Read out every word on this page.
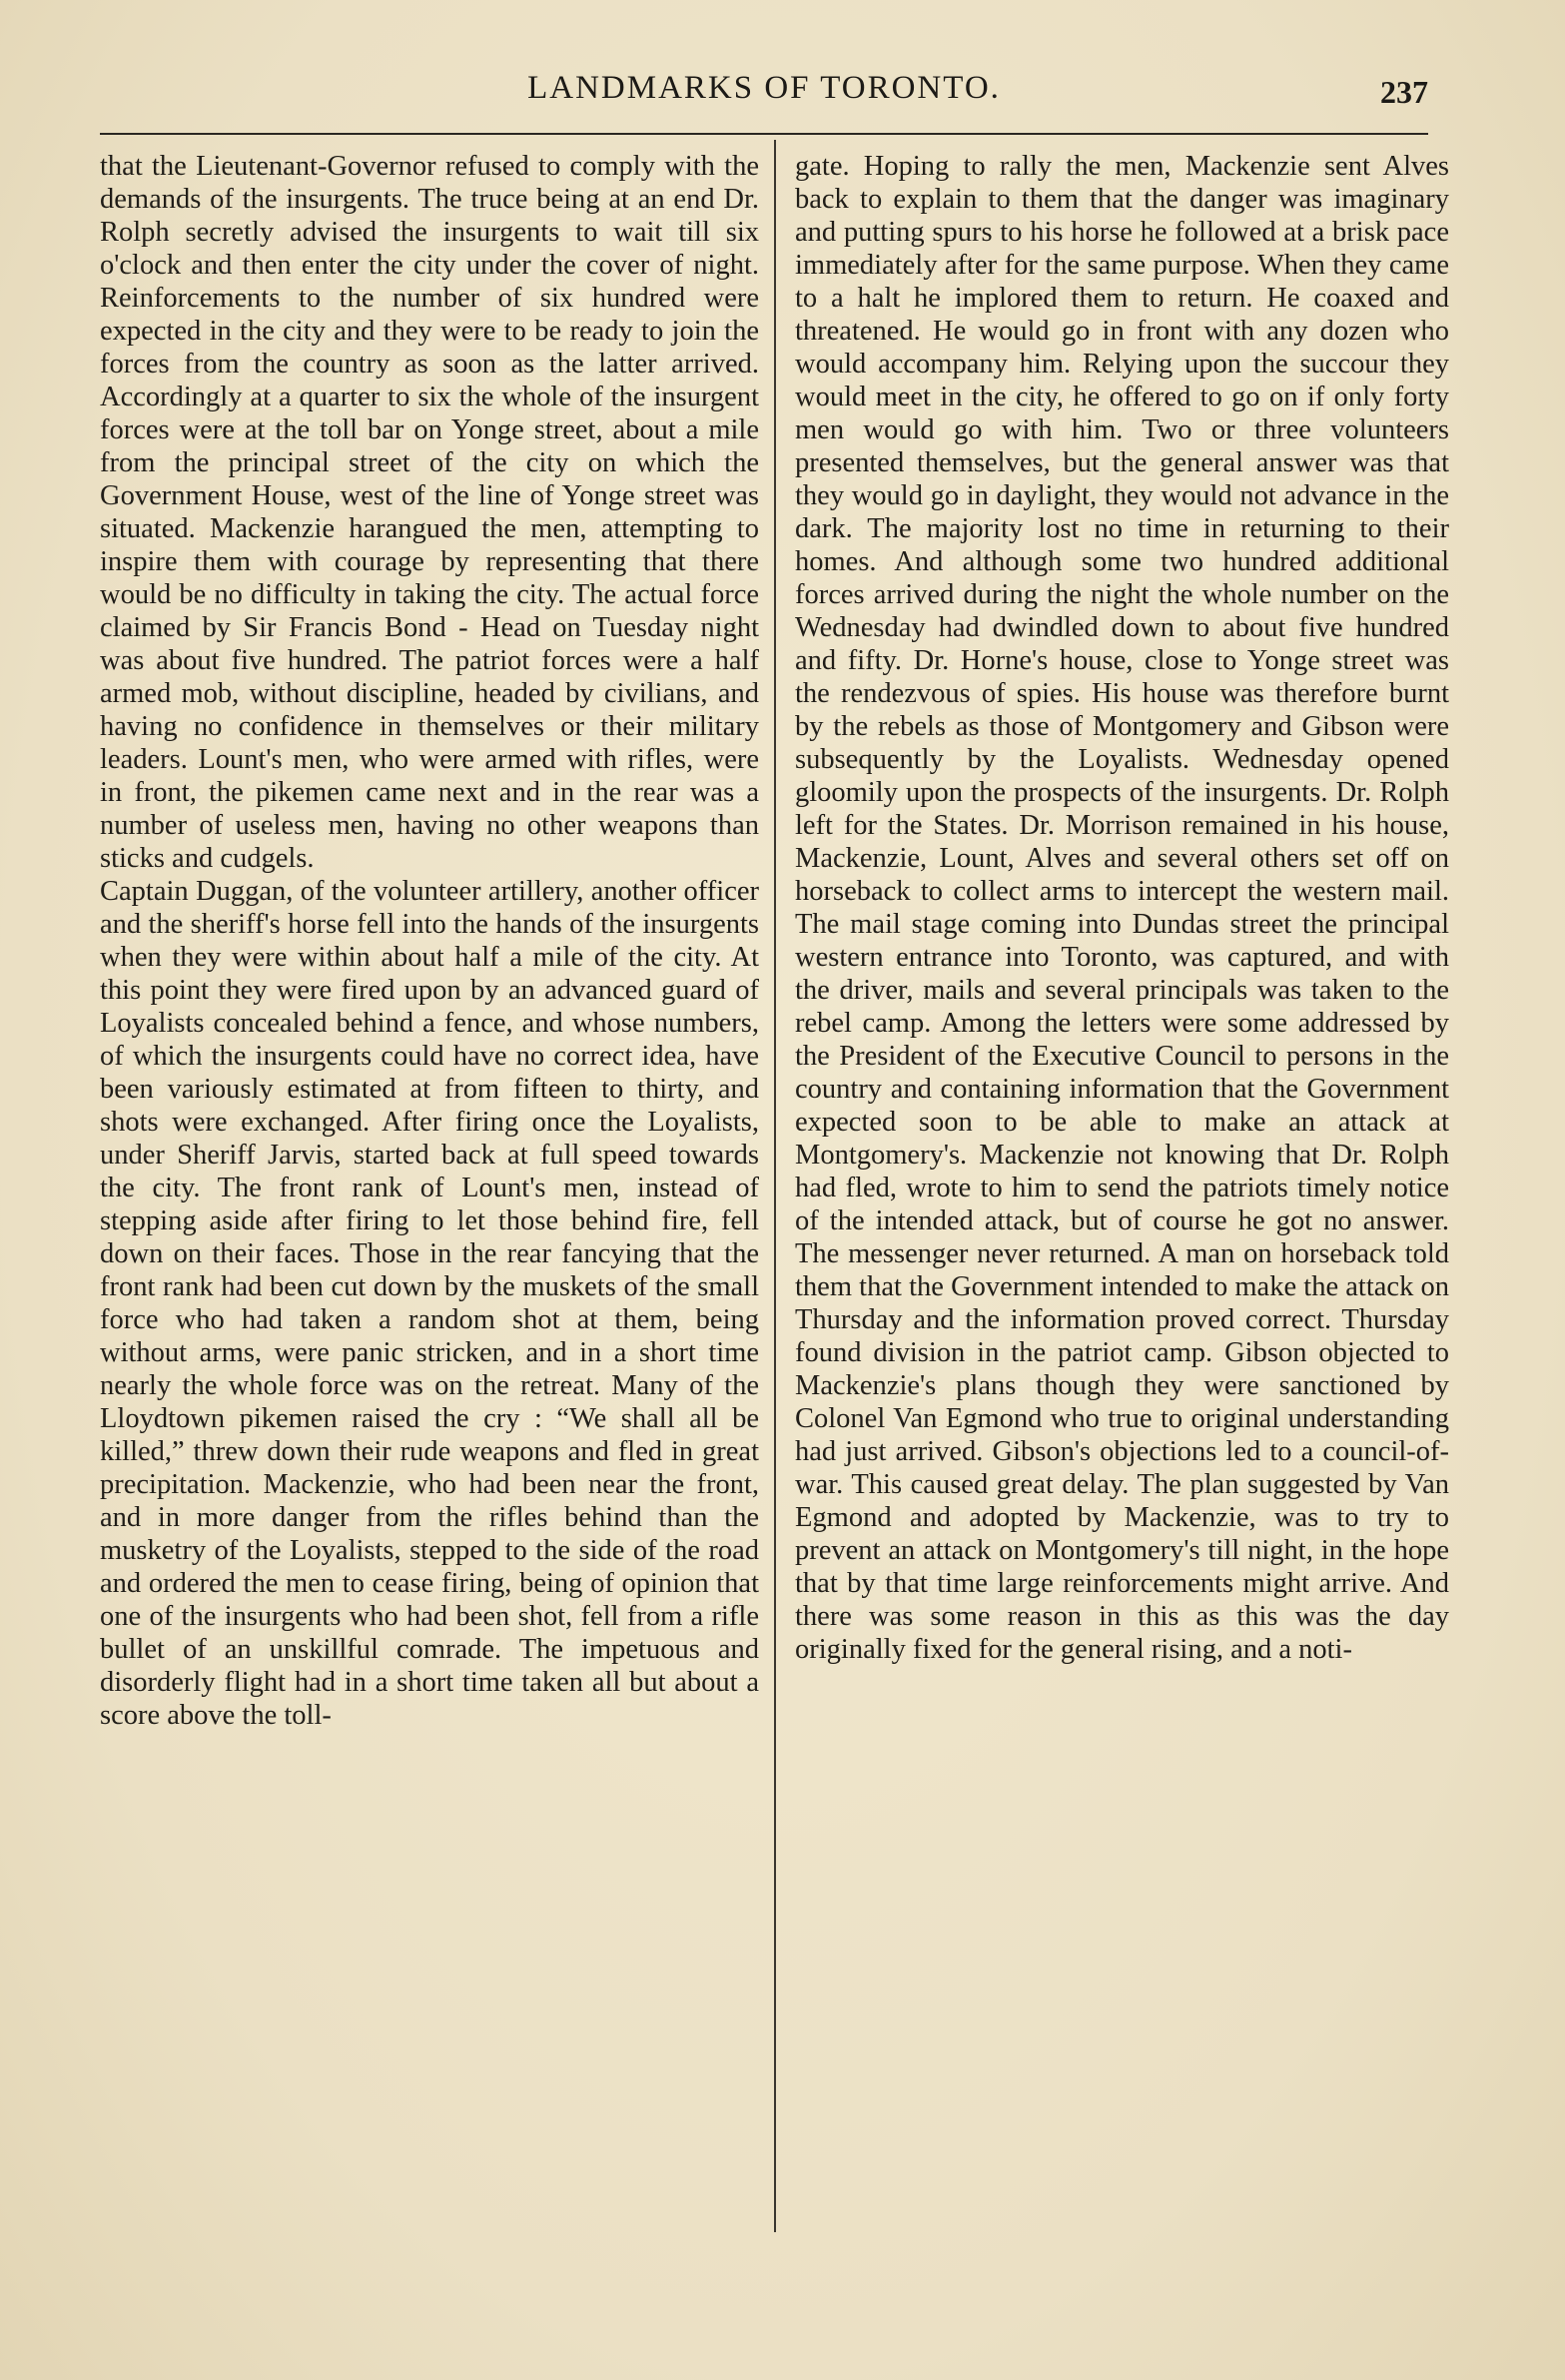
LANDMARKS OF TORONTO.	237

that the Lieutenant-Governor refused to comply with the demands of the insurgents. The truce being at an end Dr. Rolph secretly advised the insurgents to wait till six o'clock and then enter the city under the cover of night. Reinforcements to the number of six hundred were expected in the city and they were to be ready to join the forces from the country as soon as the latter arrived. Accordingly at a quarter to six the whole of the insurgent forces were at the toll bar on Yonge street, about a mile from the principal street of the city on which the Government House, west of the line of Yonge street was situated. Mackenzie harangued the men, attempting to inspire them with courage by representing that there would be no difficulty in taking the city. The actual force claimed by Sir Francis Bond - Head on Tuesday night was about five hundred. The patriot forces were a half armed mob, without discipline, headed by civilians, and having no confidence in themselves or their military leaders. Lount's men, who were armed with rifles, were in front, the pikemen came next and in the rear was a number of useless men, having no other weapons than sticks and cudgels.

Captain Duggan, of the volunteer artillery, another officer and the sheriff's horse fell into the hands of the insurgents when they were within about half a mile of the city. At this point they were fired upon by an advanced guard of Loyalists concealed behind a fence, and whose numbers, of which the insurgents could have no correct idea, have been variously estimated at from fifteen to thirty, and shots were exchanged. After firing once the Loyalists, under Sheriff Jarvis, started back at full speed towards the city. The front rank of Lount's men, instead of stepping aside after firing to let those behind fire, fell down on their faces. Those in the rear fancying that the front rank had been cut down by the muskets of the small force who had taken a random shot at them, being without arms, were panic stricken, and in a short time nearly the whole force was on the retreat. Many of the Lloydtown pikemen raised the cry : “We shall all be killed,” threw down their rude weapons and fled in great precipitation. Mackenzie, who had been near the front, and in more danger from the rifles behind than the musketry of the Loyalists, stepped to the side of the road and ordered the men to cease firing, being of opinion that one of the insurgents who had been shot, fell from a rifle bullet of an unskillful comrade. The impetuous and disorderly flight had in a short time taken all but about a score above the toll-

gate. Hoping to rally the men, Mackenzie sent Alves back to explain to them that the danger was imaginary and putting spurs to his horse he followed at a brisk pace immediately after for the same purpose. When they came to a halt he implored them to return. He coaxed and threatened. He would go in front with any dozen who would accompany him. Relying upon the succour they would meet in the city, he offered to go on if only forty men would go with him. Two or three volunteers presented themselves, but the general answer was that they would go in daylight, they would not advance in the dark. The majority lost no time in returning to their homes. And although some two hundred additional forces arrived during the night the whole number on the Wednesday had dwindled down to about five hundred and fifty. Dr. Horne's house, close to Yonge street was the rendezvous of spies. His house was therefore burnt by the rebels as those of Montgomery and Gibson were subsequently by the Loyalists. Wednesday opened gloomily upon the prospects of the insurgents. Dr. Rolph left for the States. Dr. Morrison remained in his house, Mackenzie, Lount, Alves and several others set off on horseback to collect arms to intercept the western mail. The mail stage coming into Dundas street the principal western entrance into Toronto, was captured, and with the driver, mails and several principals was taken to the rebel camp. Among the letters were some addressed by the President of the Executive Council to persons in the country and containing information that the Government expected soon to be able to make an attack at Montgomery's. Mackenzie not knowing that Dr. Rolph had fled, wrote to him to send the patriots timely notice of the intended attack, but of course he got no answer. The messenger never returned. A man on horseback told them that the Government intended to make the attack on Thursday and the information proved correct. Thursday found division in the patriot camp. Gibson objected to Mackenzie's plans though they were sanctioned by Colonel Van Egmond who true to original understanding had just arrived. Gibson's objections led to a council-of-war. This caused great delay. The plan suggested by Van Egmond and adopted by Mackenzie, was to try to prevent an attack on Montgomery's till night, in the hope that by that time large reinforcements might arrive. And there was some reason in this as this was the day originally fixed for the general rising, and a noti-
